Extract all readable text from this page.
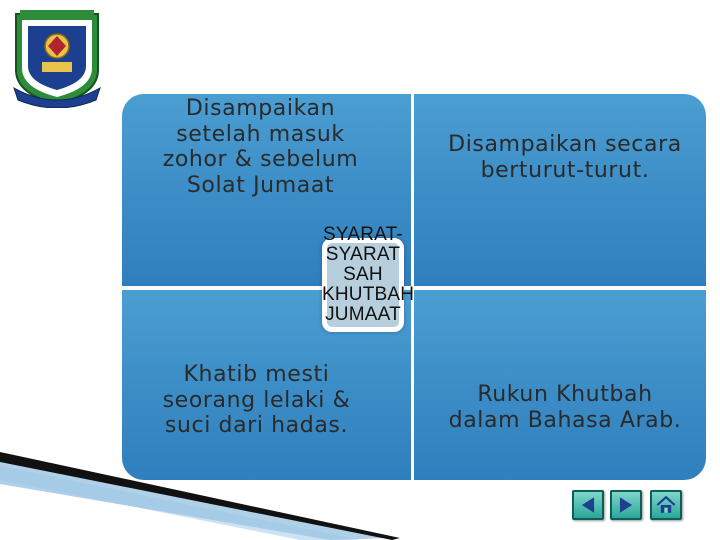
Disampaikan
setelah masuk
zohor & sebelum
Solat Jumaat
Disampaikan secara
berturut-turut.
Khatib mesti
seorang lelaki &
suci dari hadas.
Rukun Khutbah
dalam Bahasa Arab.
SYARAT-
SYARAT
SAH
KHUTBAH
JUMAAT
